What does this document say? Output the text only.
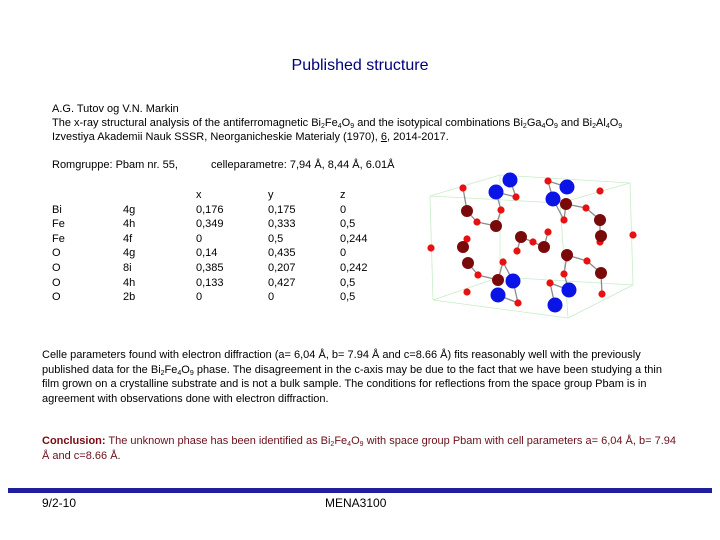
Published structure
A.G. Tutov og V.N. Markin
The x-ray structural analysis of the antiferromagnetic $Bi_2Fe_4O_9$ and the isotypical combinations $Bi_2Ga_4O_9$ and $Bi_2Al_4O_9$
Izvestiya Akademii Nauk SSSR, Neorganicheskie Materialy (1970), 6, 2014-2017.
Romgruppe: Pbam nr. 55,	celleparametre: 7,94 Å, 8,44 Å, 6.01Å

Bi
Fe
Fe
O
O
O
O

4g
4h
4f
4g
8i
4h
2b
x
0,176
0,349
0
0,14
0,385
0,133
0
y
0,175
0,333
0,5
0,435
0,207
0,427
0
z
0
0,5
0,244
0
0,242
0,5
0,5
Celle parameters found with electron diffraction (a= 6,04 Å, b= 7.94 Å and c=8.66 Å) fits reasonably well with the previously published data for the $Bi_2Fe_4O_9$ phase. The disagreement in the c-axis may be due to the fact that we have been studying a thin film grown on a crystalline substrate and is not a bulk sample. The conditions for reflections from the space group Pbam is in agreement with observations done with electron diffraction.
Conclusion: The unknown phase has been identified as $Bi_2Fe_4O_9$ with space group Pbam with cell parameters a= 6,04 Å, b= 7.94 Å and c=8.66 Å.
9/2-10	MENA3100
